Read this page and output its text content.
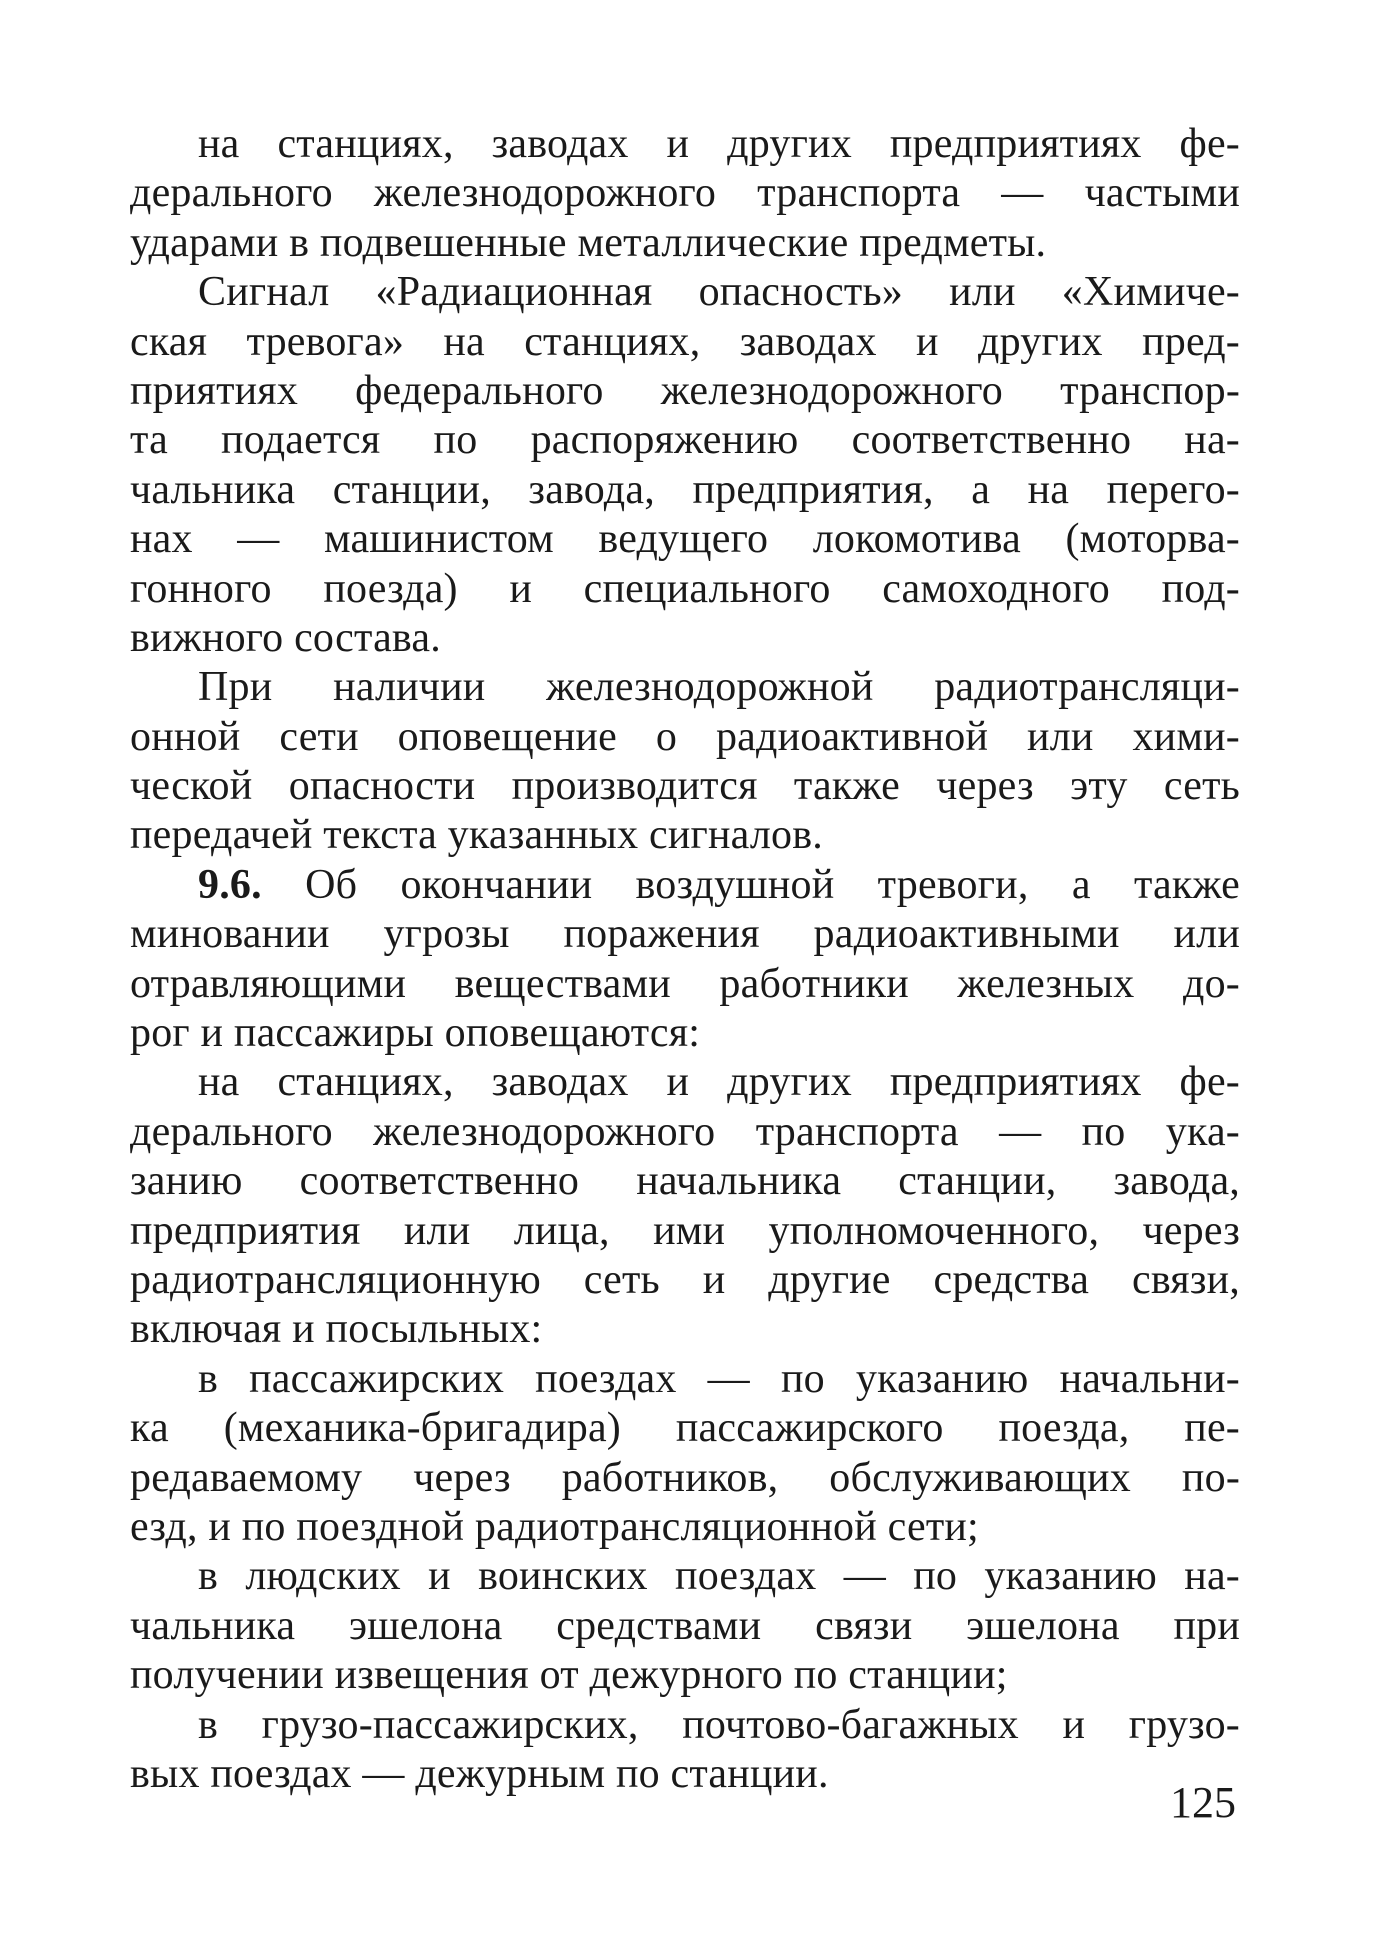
на станциях, заводах и других предприятиях фе-
дерального железнодорожного транспорта — частыми
ударами в подвешенные металлические предметы.
Сигнал «Радиационная опасность» или «Химиче-
ская тревога» на станциях, заводах и других пред-
приятиях федерального железнодорожного транспор-
та подается по распоряжению соответственно на-
чальника станции, завода, предприятия, а на перего-
нах — машинистом ведущего локомотива (моторва-
гонного поезда) и специального самоходного под-
вижного состава.
При наличии железнодорожной радиотрансляци-
онной сети оповещение о радиоактивной или хими-
ческой опасности производится также через эту сеть
передачей текста указанных сигналов.
9.6. Об окончании воздушной тревоги, а также
миновании угрозы поражения радиоактивными или
отравляющими веществами работники железных до-
рог и пассажиры оповещаются:
на станциях, заводах и других предприятиях фе-
дерального железнодорожного транспорта — по ука-
занию соответственно начальника станции, завода,
предприятия или лица, ими уполномоченного, через
радиотрансляционную сеть и другие средства связи,
включая и посыльных:
в пассажирских поездах — по указанию начальни-
ка (механика-бригадира) пассажирского поезда, пе-
редаваемому через работников, обслуживающих по-
езд, и по поездной радиотрансляционной сети;
в людских и воинских поездах — по указанию на-
чальника эшелона средствами связи эшелона при
получении извещения от дежурного по станции;
в грузо-пассажирских, почтово-багажных и грузо-
вых поездах — дежурным по станции.
125
